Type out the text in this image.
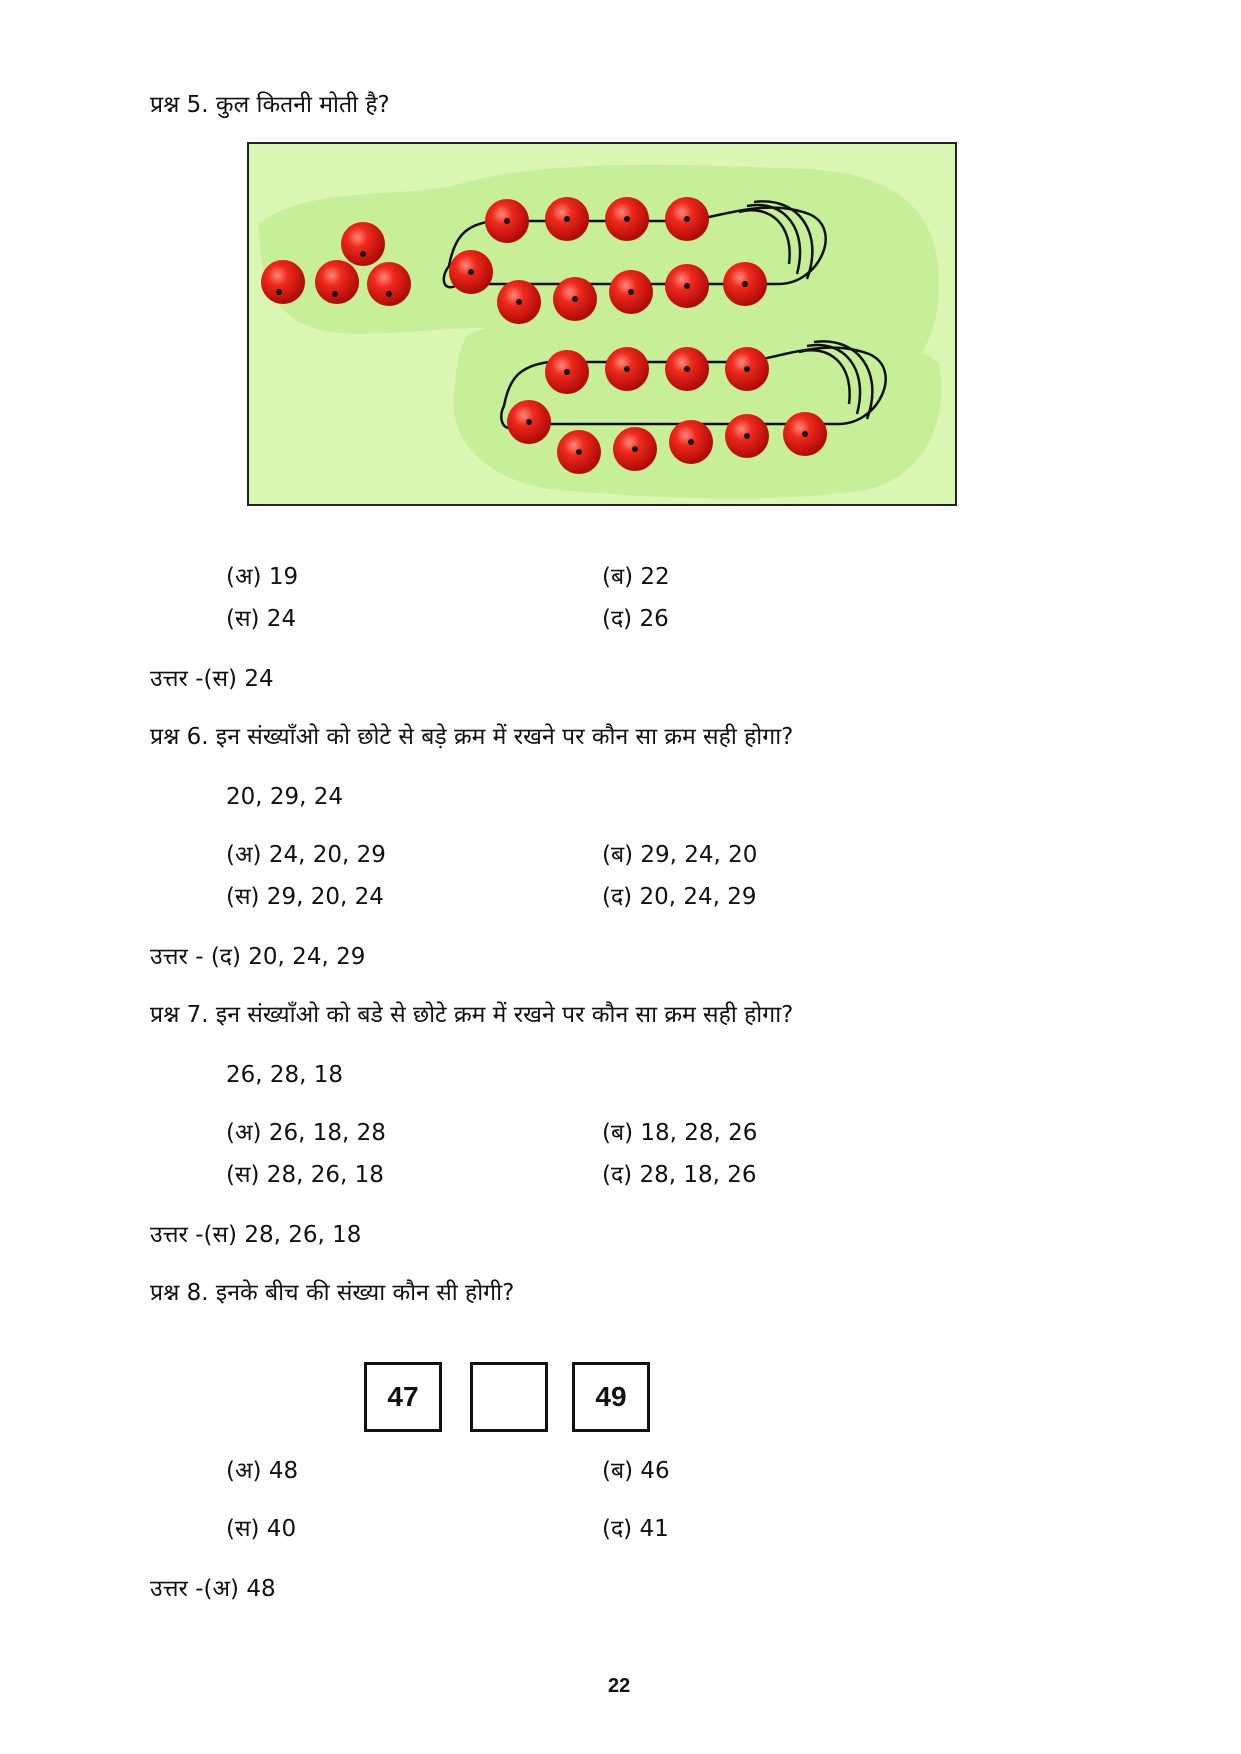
प्रश्न 5. कुल कितनी मोती है?
(अ) 19	(ब) 22
(स) 24	(द) 26
उत्तर -(स) 24
प्रश्न 6. इन संख्याँओ को छोटे से बड़े क्रम में रखने पर कौन सा क्रम सही होगा?
20, 29, 24
(अ) 24, 20, 29	(ब) 29, 24, 20
(स) 29, 20, 24	(द) 20, 24, 29
उत्तर - (द) 20, 24, 29
प्रश्न 7. इन संख्याँओ को बडे से छोटे क्रम में रखने पर कौन सा क्रम सही होगा?
26, 28, 18
(अ) 26, 18, 28	(ब) 18, 28, 26
(स) 28, 26, 18	(द) 28, 18, 26
उत्तर -(स) 28, 26, 18
प्रश्न 8. इनके बीच की संख्या कौन सी होगी?
47	49
(अ) 48	(ब) 46
(स) 40	(द) 41
उत्तर -(अ) 48
22
